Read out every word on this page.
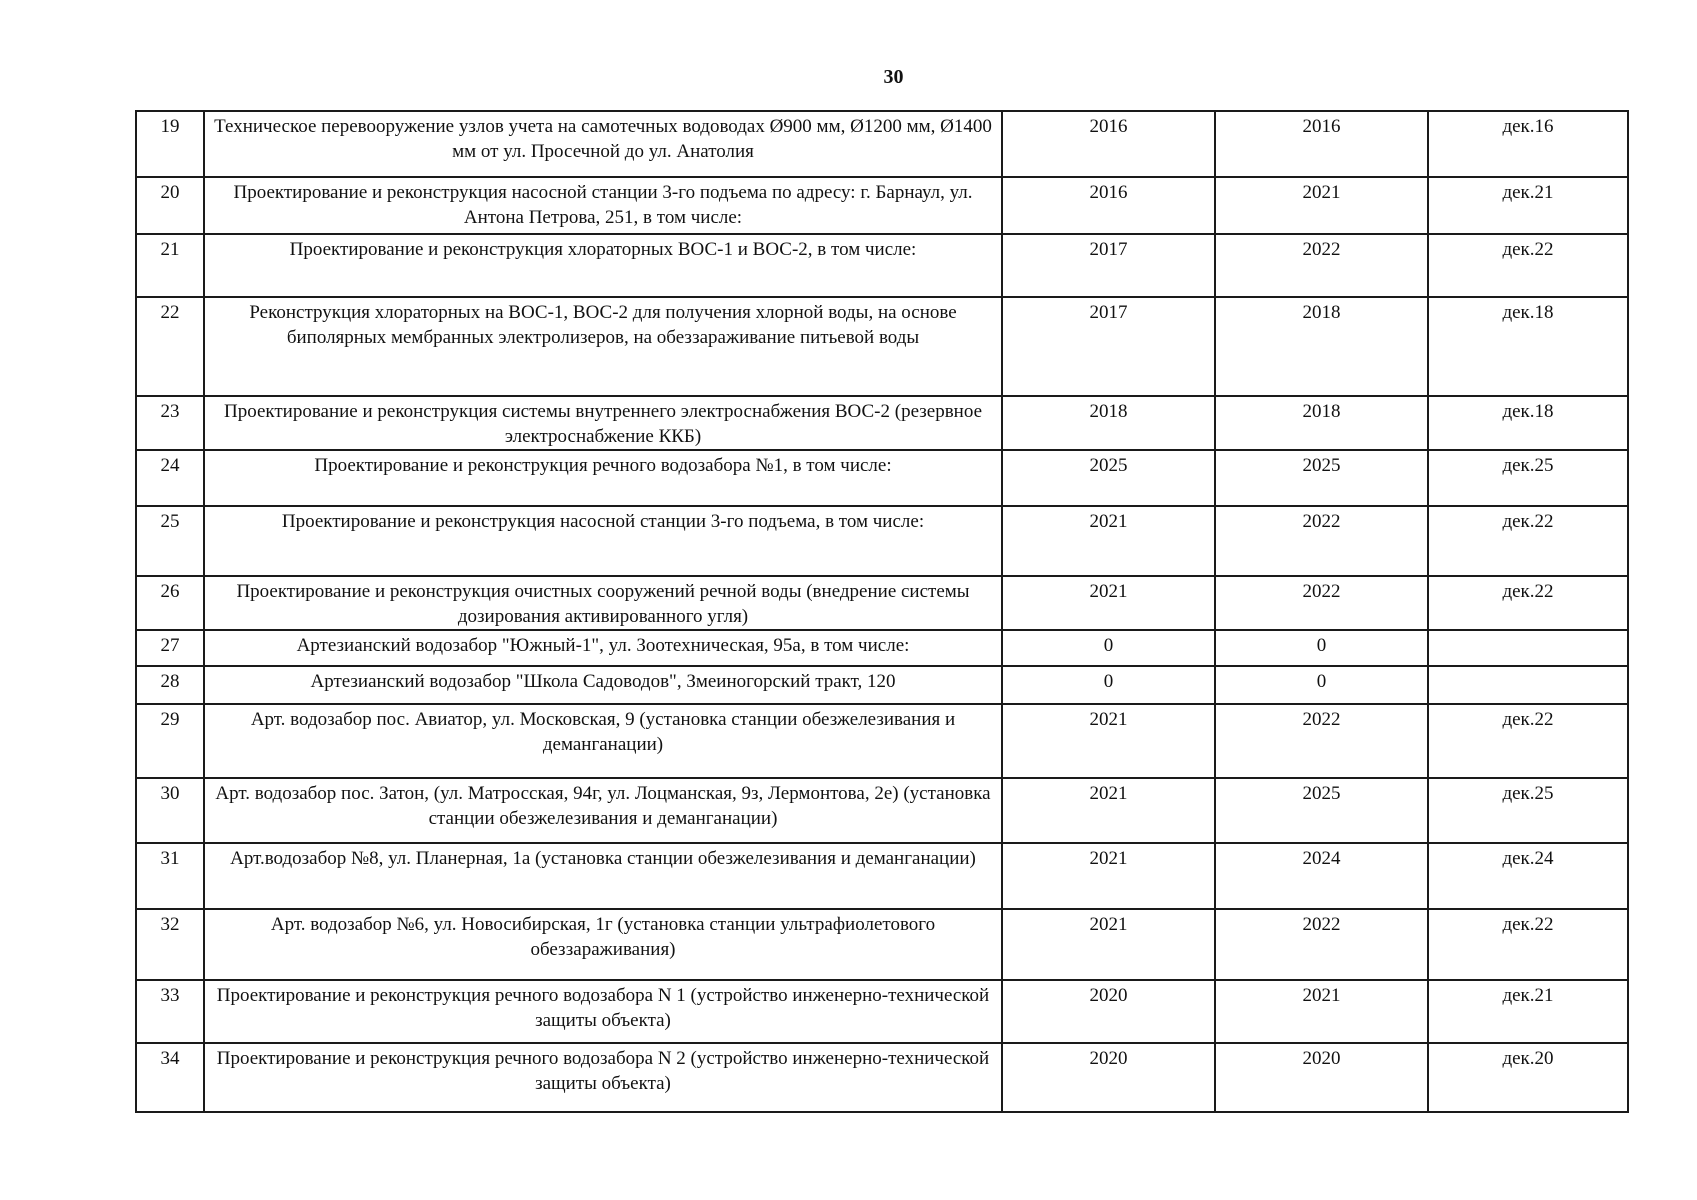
30
19	Техническое перевооружение узлов учета на самотечных водоводах Ø900 мм, Ø1200 мм, Ø1400 мм от ул. Просечной до ул. Анатолия	2016	2016	дек.16
20	Проектирование и реконструкция насосной станции 3-го подъема по адресу: г. Барнаул, ул. Антона Петрова, 251, в том числе:	2016	2021	дек.21
21	Проектирование и реконструкция хлораторных ВОС-1 и ВОС-2, в том числе:	2017	2022	дек.22
22	Реконструкция хлораторных на ВОС-1, ВОС-2 для получения хлорной воды, на основе биполярных мембранных электролизеров, на обеззараживание питьевой воды	2017	2018	дек.18
23	Проектирование и реконструкция системы внутреннего электроснабжения ВОС-2 (резервное электроснабжение ККБ)	2018	2018	дек.18
24	Проектирование и реконструкция речного водозабора №1, в том числе:	2025	2025	дек.25
25	Проектирование и реконструкция насосной станции 3-го подъема, в том числе:	2021	2022	дек.22
26	Проектирование и реконструкция очистных сооружений речной воды (внедрение системы дозирования активированного угля)	2021	2022	дек.22
27	Артезианский водозабор "Южный-1", ул. Зоотехническая, 95а, в том числе:	0	0	
28	Артезианский водозабор "Школа Садоводов", Змеиногорский тракт, 120	0	0	
29	Арт. водозабор пос. Авиатор, ул. Московская, 9 (установка станции обезжелезивания и деманганации)	2021	2022	дек.22
30	Арт. водозабор пос. Затон, (ул. Матросская, 94г, ул. Лоцманская, 9з, Лермонтова, 2е) (установка станции обезжелезивания и деманганации)	2021	2025	дек.25
31	Арт.водозабор №8, ул. Планерная, 1а (установка станции обезжелезивания и деманганации)	2021	2024	дек.24
32	Арт. водозабор №6, ул. Новосибирская, 1г (установка станции ультрафиолетового обеззараживания)	2021	2022	дек.22
33	Проектирование и реконструкция речного водозабора N 1 (устройство инженерно-технической защиты объекта)	2020	2021	дек.21
34	Проектирование и реконструкция речного водозабора N 2 (устройство инженерно-технической защиты объекта)	2020	2020	дек.20
